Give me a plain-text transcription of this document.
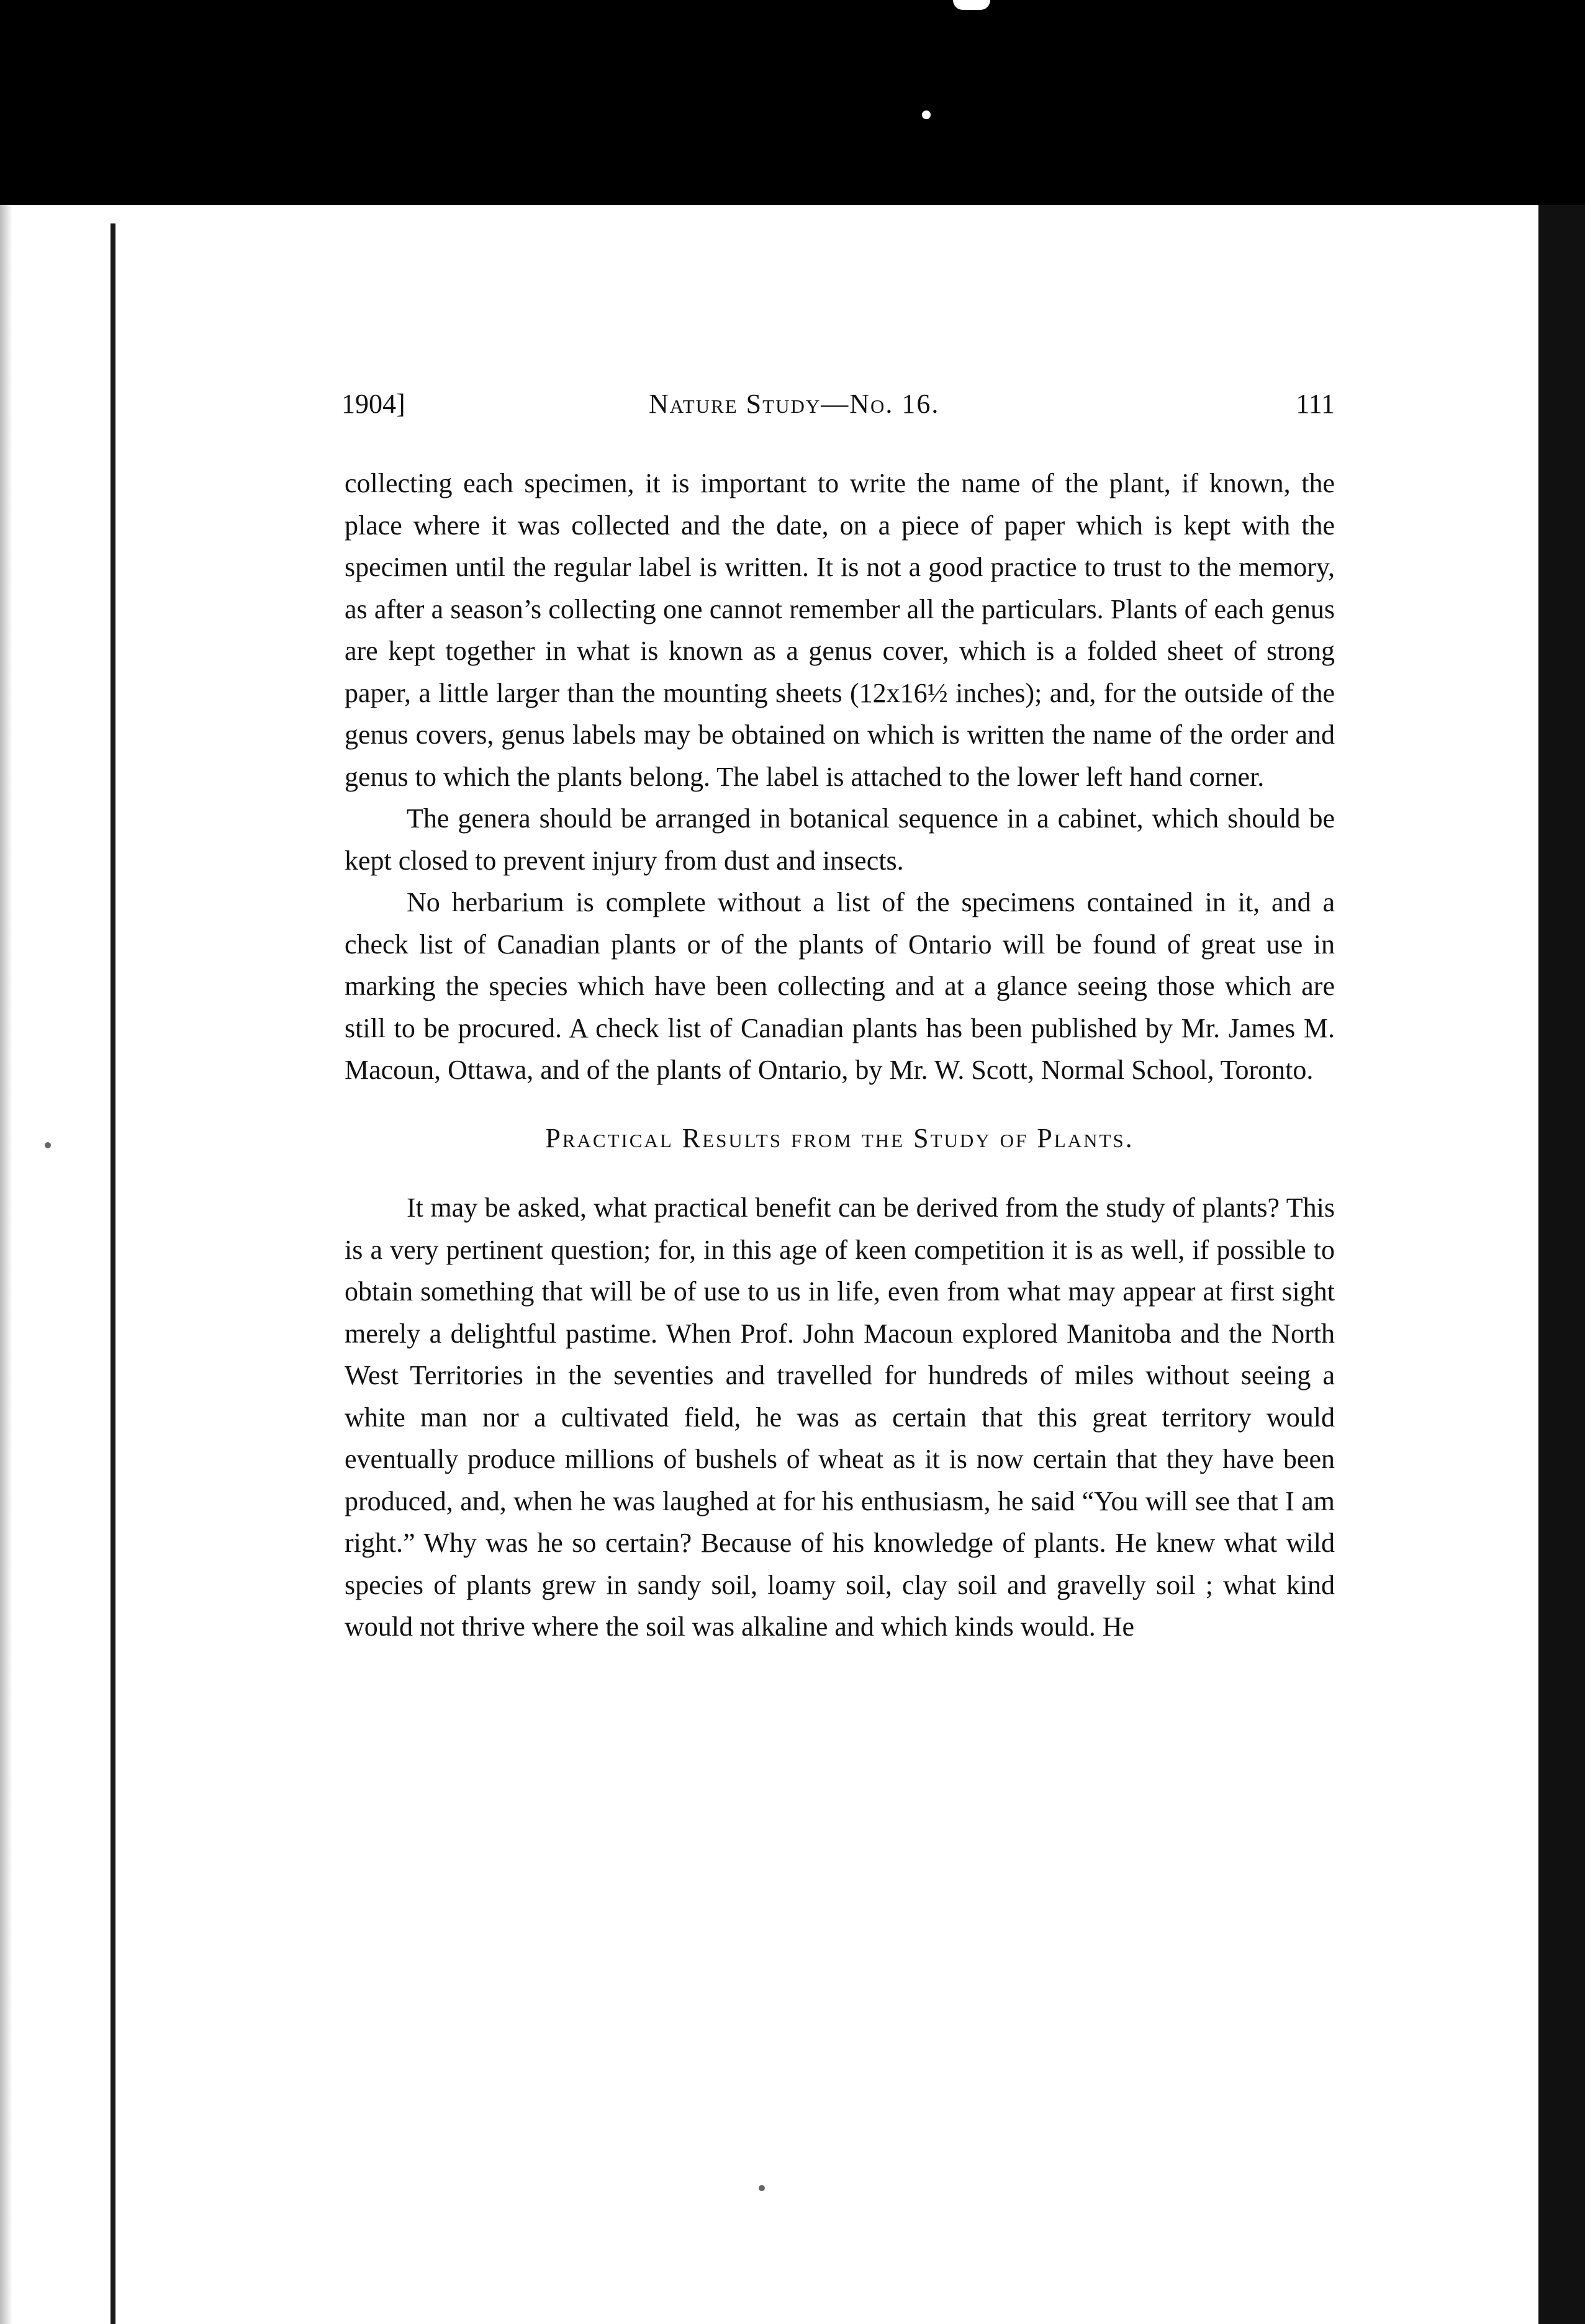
1904]	Nature Study—No. 16.	111

collecting each specimen, it is important to write the name of the plant, if known, the place where it was collected and the date, on a piece of paper which is kept with the specimen until the regular label is written. It is not a good practice to trust to the memory, as after a season’s collecting one cannot remember all the particulars. Plants of each genus are kept together in what is known as a genus cover, which is a folded sheet of strong paper, a little larger than the mounting sheets (12x16½ inches); and, for the outside of the genus covers, genus labels may be obtained on which is written the name of the order and genus to which the plants belong. The label is attached to the lower left hand corner.

The genera should be arranged in botanical sequence in a cabinet, which should be kept closed to prevent injury from dust and insects.

No herbarium is complete without a list of the specimens contained in it, and a check list of Canadian plants or of the plants of Ontario will be found of great use in marking the species which have been collecting and at a glance seeing those which are still to be procured. A check list of Canadian plants has been published by Mr. James M. Macoun, Ottawa, and of the plants of Ontario, by Mr. W. Scott, Normal School, Toronto.

Practical Results from the Study of Plants.

It may be asked, what practical benefit can be derived from the study of plants? This is a very pertinent question; for, in this age of keen competition it is as well, if possible to obtain something that will be of use to us in life, even from what may appear at first sight merely a delightful pastime. When Prof. John Macoun explored Manitoba and the North West Territories in the seventies and travelled for hundreds of miles without seeing a white man nor a cultivated field, he was as certain that this great territory would eventually produce millions of bushels of wheat as it is now certain that they have been produced, and, when he was laughed at for his enthusiasm, he said “You will see that I am right.” Why was he so certain? Because of his knowledge of plants. He knew what wild species of plants grew in sandy soil, loamy soil, clay soil and gravelly soil ; what kind would not thrive where the soil was alkaline and which kinds would. He
